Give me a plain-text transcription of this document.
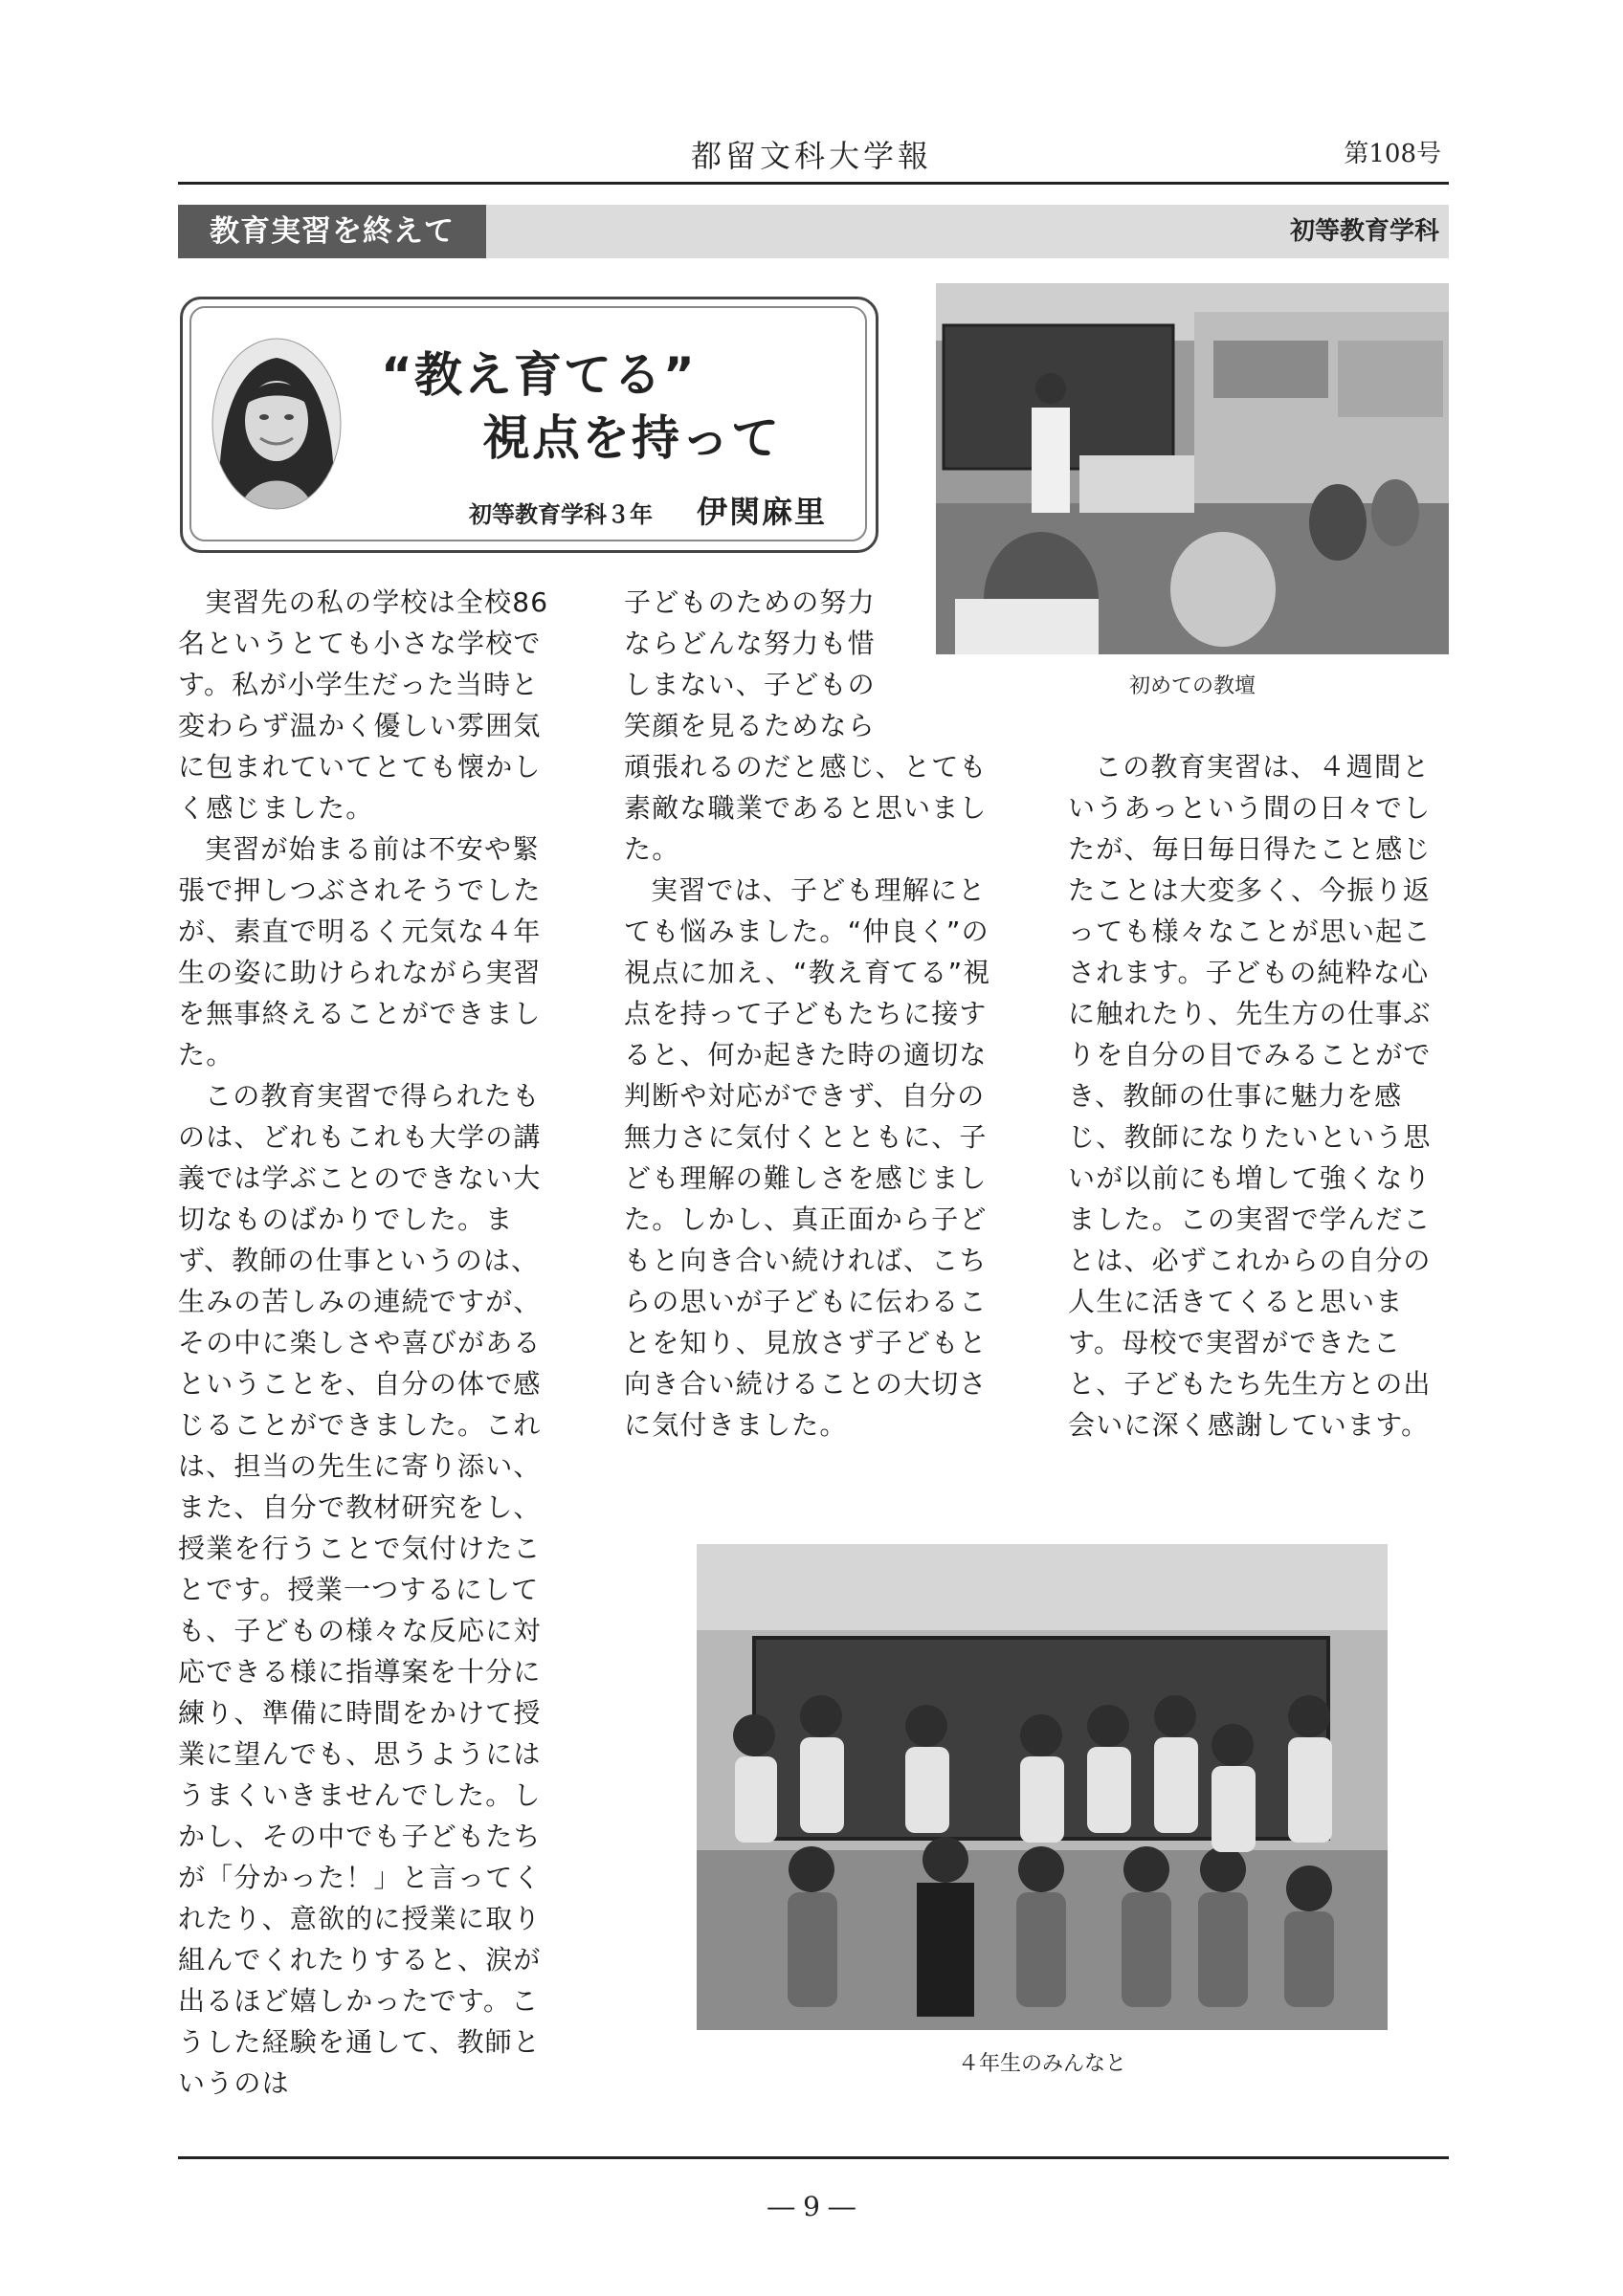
都留文科大学報	第108号
教育実習を終えて	初等教育学科
“教え育てる”
視点を持って
初等教育学科３年 伊関麻里
初めての教壇

実習先の私の学校は全校86名というとても小さな学校です。私が小学生だった当時と変わらず温かく優しい雰囲気に包まれていてとても懐かしく感じました。

実習が始まる前は不安や緊張で押しつぶされそうでしたが、素直で明るく元気な４年生の姿に助けられながら実習を無事終えることができました。

この教育実習で得られたものは、どれもこれも大学の講義では学ぶことのできない大切なものばかりでした。まず、教師の仕事というのは、生みの苦しみの連続ですが、その中に楽しさや喜びがあるということを、自分の体で感じることができました。これは、担当の先生に寄り添い、また、自分で教材研究をし、授業を行うことで気付けたことです。授業一つするにしても、子どもの様々な反応に対応できる様に指導案を十分に練り、準備に時間をかけて授業に望んでも、思うようにはうまくいきませんでした。しかし、その中でも子どもたちが「分かった！」と言ってくれたり、意欲的に授業に取り組んでくれたりすると、涙が出るほど嬉しかったです。こうした経験を通して、教師というのは

子どものための努力ならどんな努力も惜しまない、子どもの笑顔を見るためなら

頑張れるのだと感じ、とても素敵な職業であると思いました。

実習では、子ども理解にとても悩みました。“仲良く”の視点に加え、“教え育てる”視点を持って子どもたちに接すると、何か起きた時の適切な判断や対応ができず、自分の無力さに気付くとともに、子ども理解の難しさを感じました。しかし、真正面から子どもと向き合い続ければ、こちらの思いが子どもに伝わることを知り、見放さず子どもと向き合い続けることの大切さに気付きました。

この教育実習は、４週間というあっという間の日々でしたが、毎日毎日得たこと感じたことは大変多く、今振り返っても様々なことが思い起こされます。子どもの純粋な心に触れたり、先生方の仕事ぶりを自分の目でみることができ、教師の仕事に魅力を感じ、教師になりたいという思いが以前にも増して強くなりました。この実習で学んだことは、必ずこれからの自分の人生に活きてくると思います。母校で実習ができたこと、子どもたち先生方との出会いに深く感謝しています。

４年生のみんなと
― 9 ―
